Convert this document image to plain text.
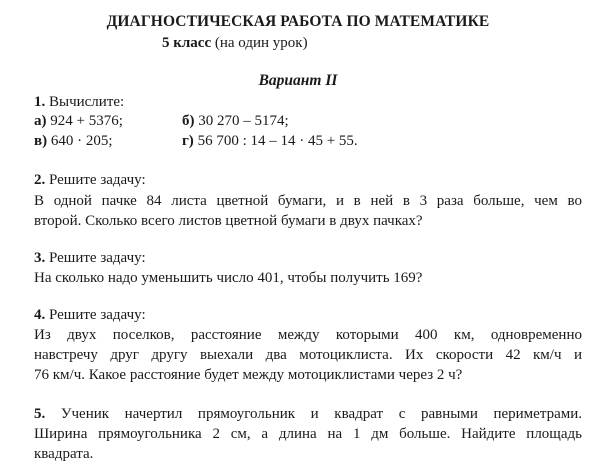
ДИАГНОСТИЧЕСКАЯ РАБОТА ПО МАТЕМАТИКЕ
5 класс (на один урок)
Вариант II
1. Вычислите:
а) 924 + 5376;	б) 30 270 – 5174;
в) 640 · 205;	г) 56 700 : 14 – 14 · 45 + 55.
2. Решите задачу:
В одной пачке 84 листа цветной бумаги, и в ней в 3 раза больше, чем во
второй. Сколько всего листов цветной бумаги в двух пачках?
3. Решите задачу:
На сколько надо уменьшить число 401, чтобы получить 169?
4. Решите задачу:
Из двух поселков, расстояние между которыми 400 км, одновременно
навстречу друг другу выехали два мотоциклиста. Их скорости 42 км/ч и
76 км/ч. Какое расстояние будет между мотоциклистами через 2 ч?
5. Ученик начертил прямоугольник и квадрат с равными периметрами.
Ширина прямоугольника 2 см, а длина на 1 дм больше. Найдите площадь
квадрата.
